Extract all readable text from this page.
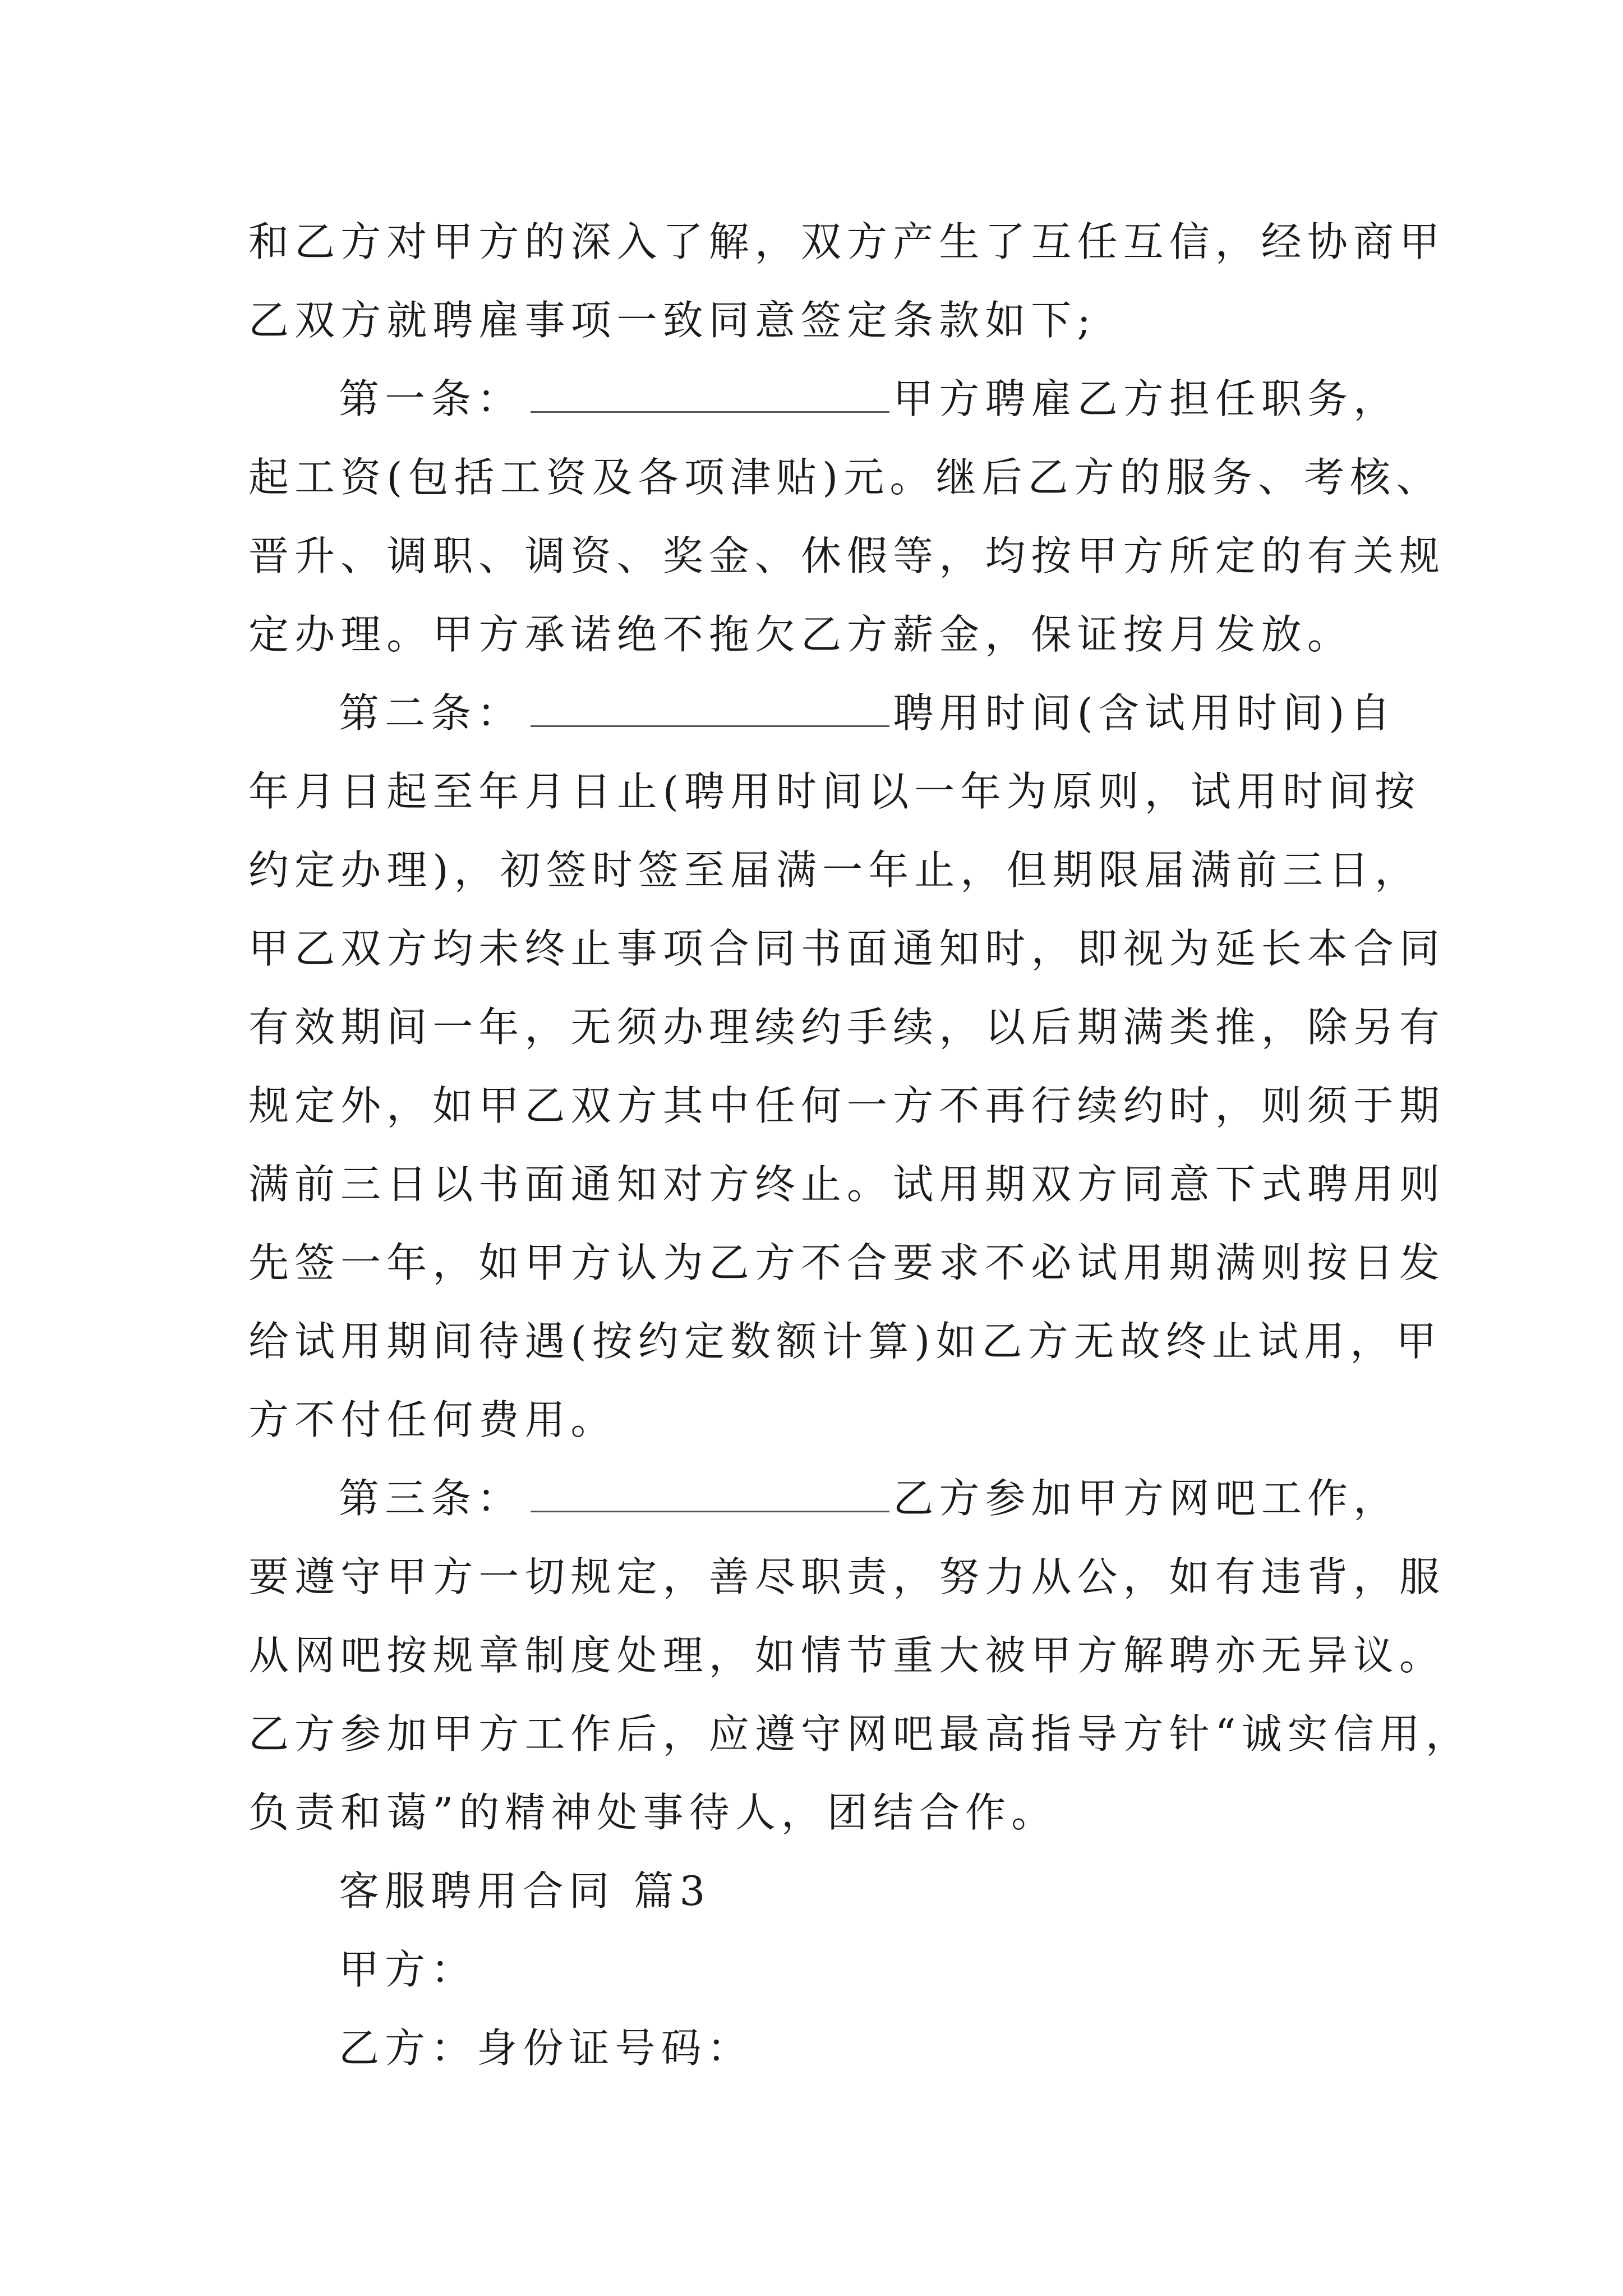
和乙方对甲方的深入了解，双方产生了互任互信，经协商甲
乙双方就聘雇事项一致同意签定条款如下;
第一条：	甲方聘雇乙方担任职务，
起工资(包括工资及各项津贴)元。继后乙方的服务、考核、
晋升、调职、调资、奖金、休假等，均按甲方所定的有关规
定办理。甲方承诺绝不拖欠乙方薪金，保证按月发放。
第二条：	聘用时间(含试用时间)自
年月日起至年月日止(聘用时间以一年为原则，试用时间按
约定办理)，初签时签至届满一年止，但期限届满前三日，
甲乙双方均未终止事项合同书面通知时，即视为延长本合同
有效期间一年，无须办理续约手续，以后期满类推，除另有
规定外，如甲乙双方其中任何一方不再行续约时，则须于期
满前三日以书面通知对方终止。试用期双方同意下式聘用则
先签一年，如甲方认为乙方不合要求不必试用期满则按日发
给试用期间待遇(按约定数额计算)如乙方无故终止试用，甲
方不付任何费用。
第三条：	乙方参加甲方网吧工作，
要遵守甲方一切规定，善尽职责，努力从公，如有违背，服
从网吧按规章制度处理，如情节重大被甲方解聘亦无异议。
乙方参加甲方工作后，应遵守网吧最高指导方针“诚实信用，
负责和蔼”的精神处事待人，团结合作。
客服聘用合同 篇3
甲方：
乙方：身份证号码：
